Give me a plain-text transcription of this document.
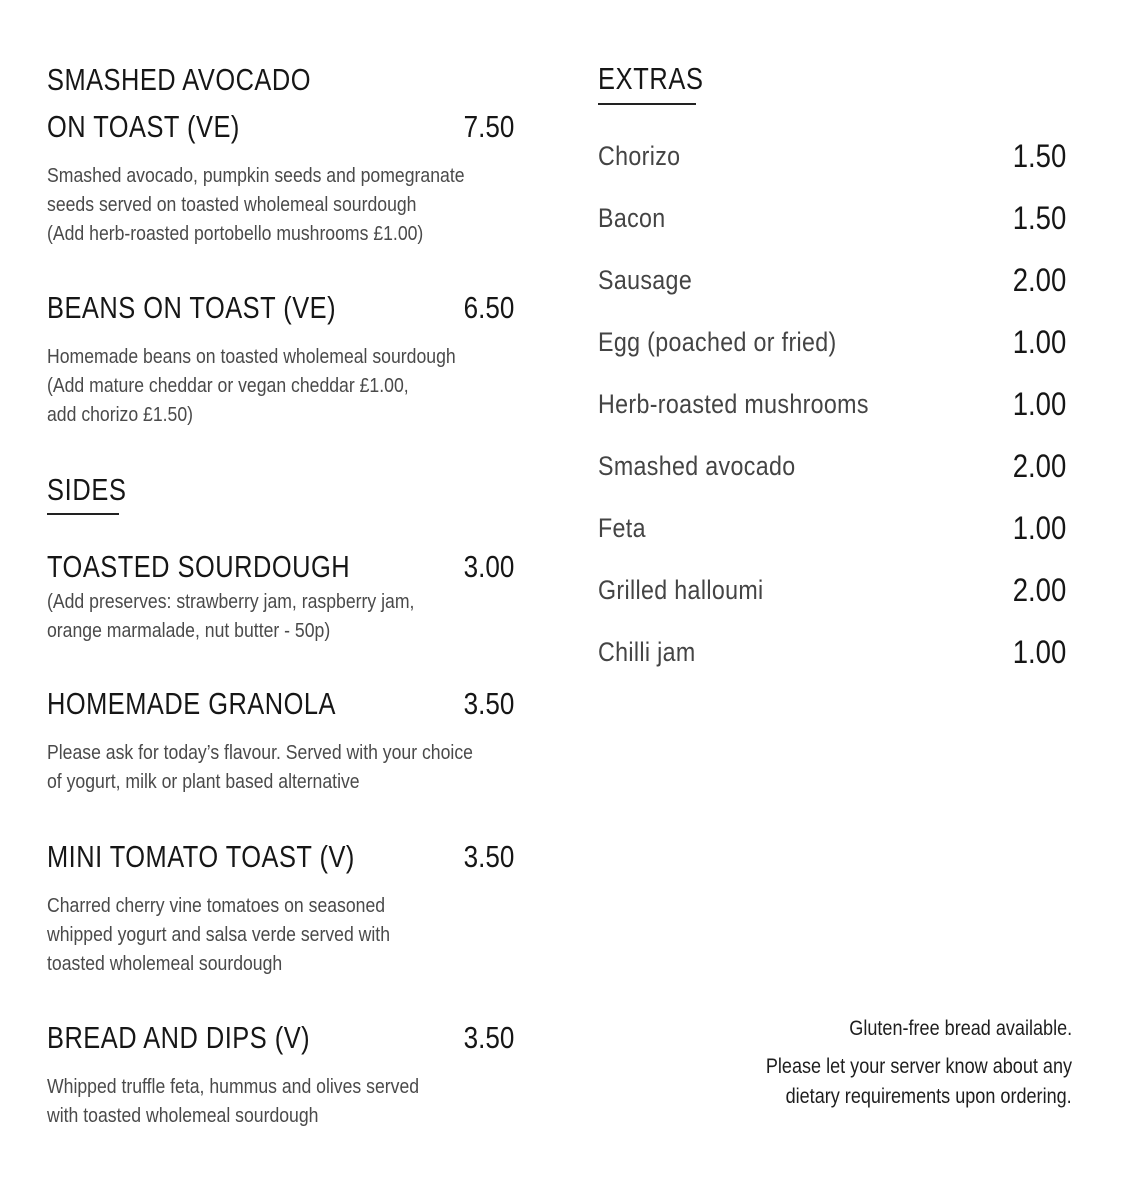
SMASHED AVOCADO
ON TOAST (VE)	7.50
Smashed avocado, pumpkin seeds and pomegranate
seeds served on toasted wholemeal sourdough
(Add herb-roasted portobello mushrooms £1.00)
BEANS ON TOAST (VE)	6.50
Homemade beans on toasted wholemeal sourdough
(Add mature cheddar or vegan cheddar £1.00,
add chorizo £1.50)
SIDES
TOASTED SOURDOUGH	3.00
(Add preserves: strawberry jam, raspberry jam,
orange marmalade, nut butter - 50p)
HOMEMADE GRANOLA	3.50
Please ask for today’s flavour. Served with your choice
of yogurt, milk or plant based alternative
MINI TOMATO TOAST (V)	3.50
Charred cherry vine tomatoes on seasoned
whipped yogurt and salsa verde served with
toasted wholemeal sourdough
BREAD AND DIPS (V)	3.50
Whipped truffle feta, hummus and olives served
with toasted wholemeal sourdough
EXTRAS
Chorizo	1.50
Bacon	1.50
Sausage	2.00
Egg (poached or fried)	1.00
Herb-roasted mushrooms	1.00
Smashed avocado	2.00
Feta	1.00
Grilled halloumi	2.00
Chilli jam	1.00
Gluten-free bread available.
Please let your server know about any
dietary requirements upon ordering.
